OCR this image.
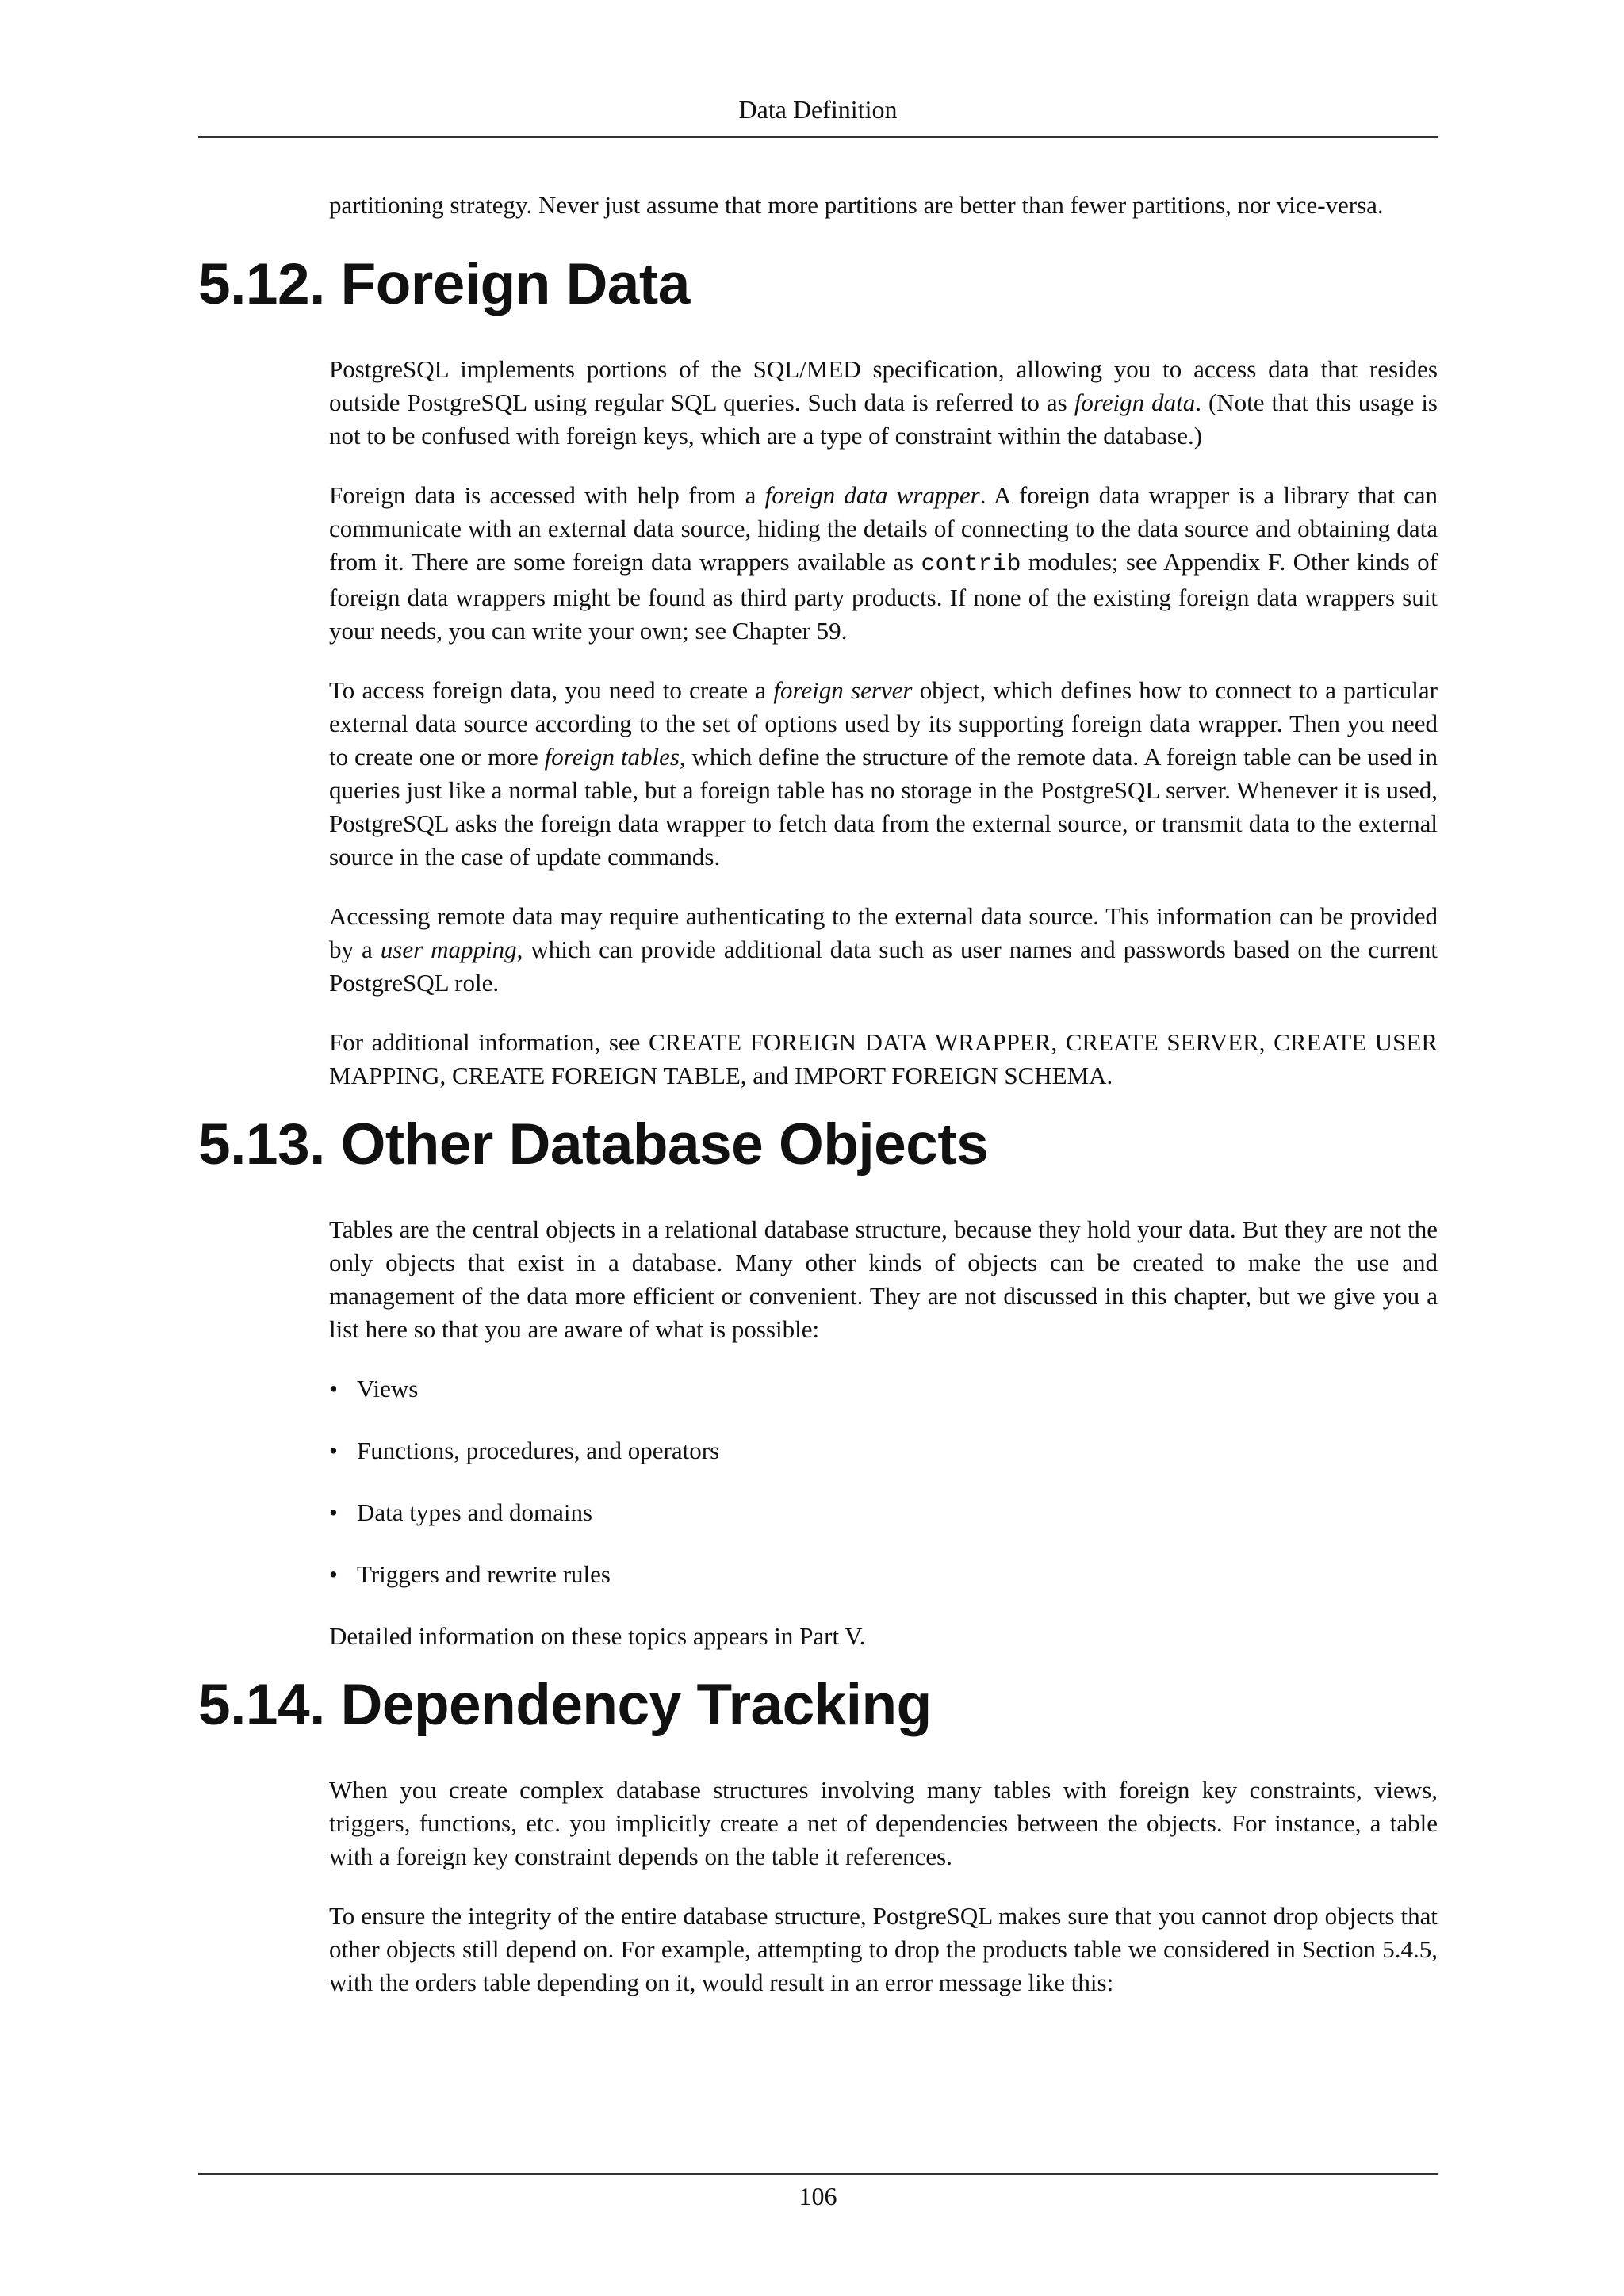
Data Definition

partitioning strategy. Never just assume that more partitions are better than fewer partitions, nor vice-versa.

5.12. Foreign Data

PostgreSQL implements portions of the SQL/MED specification, allowing you to access data that resides outside PostgreSQL using regular SQL queries. Such data is referred to as foreign data. (Note that this usage is not to be confused with foreign keys, which are a type of constraint within the database.)

Foreign data is accessed with help from a foreign data wrapper. A foreign data wrapper is a library that can communicate with an external data source, hiding the details of connecting to the data source and obtaining data from it. There are some foreign data wrappers available as contrib modules; see Appendix F. Other kinds of foreign data wrappers might be found as third party products. If none of the existing foreign data wrappers suit your needs, you can write your own; see Chapter 59.

To access foreign data, you need to create a foreign server object, which defines how to connect to a particular external data source according to the set of options used by its supporting foreign data wrapper. Then you need to create one or more foreign tables, which define the structure of the remote data. A foreign table can be used in queries just like a normal table, but a foreign table has no storage in the PostgreSQL server. Whenever it is used, PostgreSQL asks the foreign data wrapper to fetch data from the external source, or transmit data to the external source in the case of update commands.

Accessing remote data may require authenticating to the external data source. This information can be provided by a user mapping, which can provide additional data such as user names and passwords based on the current PostgreSQL role.

For additional information, see CREATE FOREIGN DATA WRAPPER, CREATE SERVER, CREATE USER MAPPING, CREATE FOREIGN TABLE, and IMPORT FOREIGN SCHEMA.

5.13. Other Database Objects

Tables are the central objects in a relational database structure, because they hold your data. But they are not the only objects that exist in a database. Many other kinds of objects can be created to make the use and management of the data more efficient or convenient. They are not discussed in this chapter, but we give you a list here so that you are aware of what is possible:

• Views
• Functions, procedures, and operators
• Data types and domains
• Triggers and rewrite rules

Detailed information on these topics appears in Part V.

5.14. Dependency Tracking

When you create complex database structures involving many tables with foreign key constraints, views, triggers, functions, etc. you implicitly create a net of dependencies between the objects. For instance, a table with a foreign key constraint depends on the table it references.

To ensure the integrity of the entire database structure, PostgreSQL makes sure that you cannot drop objects that other objects still depend on. For example, attempting to drop the products table we considered in Section 5.4.5, with the orders table depending on it, would result in an error message like this:

106
